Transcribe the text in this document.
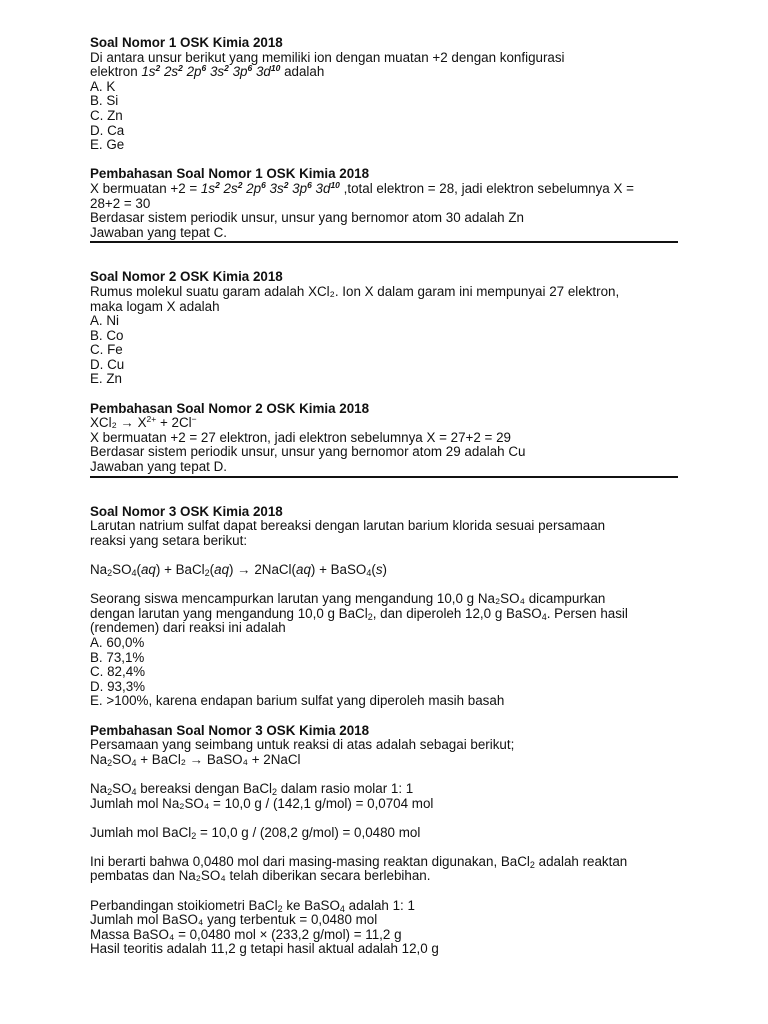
Soal Nomor 1 OSK Kimia 2018
Di antara unsur berikut yang memiliki ion dengan muatan +2 dengan konfigurasi
elektron $1s^2$ $2s^2$ $2p^6$ $3s^2$ $3p^6$ $3d^{10}$ adalah
A. K
B. Si
C. Zn
D. Ca
E. Ge
Pembahasan Soal Nomor 1 OSK Kimia 2018
X bermuatan $+2 = 1s^2$ $2s^2$ $2p^6$ $3s^2$ $3p^6$ $3d^{10}$ ,total elektron = 28, jadi elektron sebelumnya X =
28+2 = 30
Berdasar sistem periodik unsur, unsur yang bernomor atom 30 adalah Zn
Jawaban yang tepat C.
Soal Nomor 2 OSK Kimia 2018
Rumus molekul suatu garam adalah XCl₂. Ion X dalam garam ini mempunyai 27 elektron,
maka logam X adalah
A. Ni
B. Co
C. Fe
D. Cu
E. Zn
Pembahasan Soal Nomor 2 OSK Kimia 2018
$XCl_2 \to X^{2+} + 2Cl^-$
X bermuatan +2 = 27 elektron, jadi elektron sebelumnya X = 27+2 = 29
Berdasar sistem periodik unsur, unsur yang bernomor atom 29 adalah Cu
Jawaban yang tepat D.
Soal Nomor 3 OSK Kimia 2018
Larutan natrium sulfat dapat bereaksi dengan larutan barium klorida sesuai persamaan
reaksi yang setara berikut:
$Na_2SO_4(aq)$ + BaCl$_2$(aq) → 2NaCl(aq) + BaSO$_4$(s)
Seorang siswa mencampurkan larutan yang mengandung 10,0 g Na₂SO₄ dicampurkan
dengan larutan yang mengandung 10,0 g BaCl$_2$, dan diperoleh 12,0 g BaSO$_4$. Persen hasil
(rendemen) dari reaksi ini adalah
A. 60,0%
B. 73,1%
C. 82,4%
D. 93,3%
E. >100%, karena endapan barium sulfat yang diperoleh masih basah
Pembahasan Soal Nomor 3 OSK Kimia 2018
Persamaan yang seimbang untuk reaksi di atas adalah sebagai berikut;
$Na_2SO_4$ + BaCl₂ → BaSO₄ + 2NaCl
$Na_2SO_4$ bereaksi dengan BaCl$_2$ dalam rasio molar 1: 1
Jumlah mol Na₂SO₄ = 10,0 g / (142,1 g/mol) = 0,0704 mol
Jumlah mol BaCl$_2$ = 10,0 g / (208,2 g/mol) = 0,0480 mol
Ini berarti bahwa 0,0480 mol dari masing-masing reaktan digunakan, BaCl$_2$ adalah reaktan
pembatas dan Na₂SO₄ telah diberikan secara berlebihan.
Perbandingan stoikiometri BaCl$_2$ ke BaSO$_4$ adalah 1: 1
Jumlah mol BaSO₄ yang terbentuk = 0,0480 mol
Massa BaSO₄ = 0,0480 mol × (233,2 g/mol) = 11,2 g
Hasil teoritis adalah 11,2 g tetapi hasil aktual adalah 12,0 g
